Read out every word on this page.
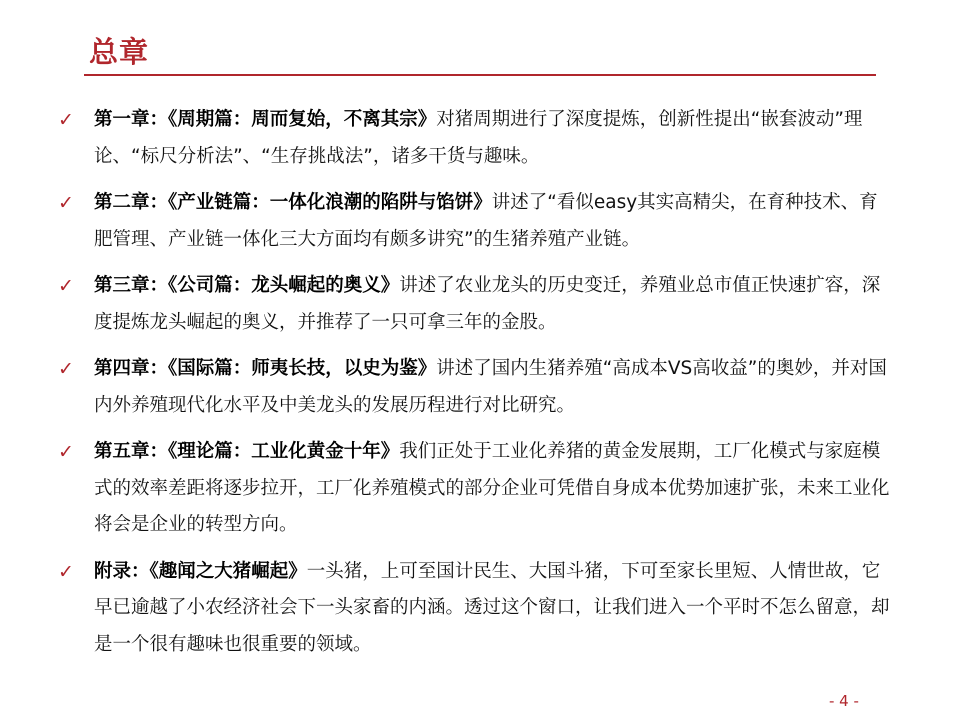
总章
✓ 第一章：《周期篇：周而复始，不离其宗》对猪周期进行了深度提炼，创新性提出“嵌套波动”理论、“标尺分析法”、“生存挑战法”，诸多干货与趣味。
✓ 第二章：《产业链篇：一体化浪潮的陷阱与馅饼》讲述了“看似easy其实高精尖，在育种技术、育肥管理、产业链一体化三大方面均有颇多讲究”的生猪养殖产业链。
✓ 第三章：《公司篇：龙头崛起的奥义》讲述了农业龙头的历史变迁，养殖业总市值正快速扩容，深度提炼龙头崛起的奥义，并推荐了一只可拿三年的金股。
✓ 第四章：《国际篇：师夷长技，以史为鉴》讲述了国内生猪养殖“高成本VS高收益”的奥妙，并对国内外养殖现代化水平及中美龙头的发展历程进行对比研究。
✓ 第五章：《理论篇：工业化黄金十年》我们正处于工业化养猪的黄金发展期，工厂化模式与家庭模式的效率差距将逐步拉开，工厂化养殖模式的部分企业可凭借自身成本优势加速扩张，未来工业化将会是企业的转型方向。
✓ 附录：《趣闻之大猪崛起》一头猪，上可至国计民生、大国斗猪，下可至家长里短、人情世故，它早已逾越了小农经济社会下一头家畜的内涵。透过这个窗口，让我们进入一个平时不怎么留意，却是一个很有趣味也很重要的领域。
- 4 -
